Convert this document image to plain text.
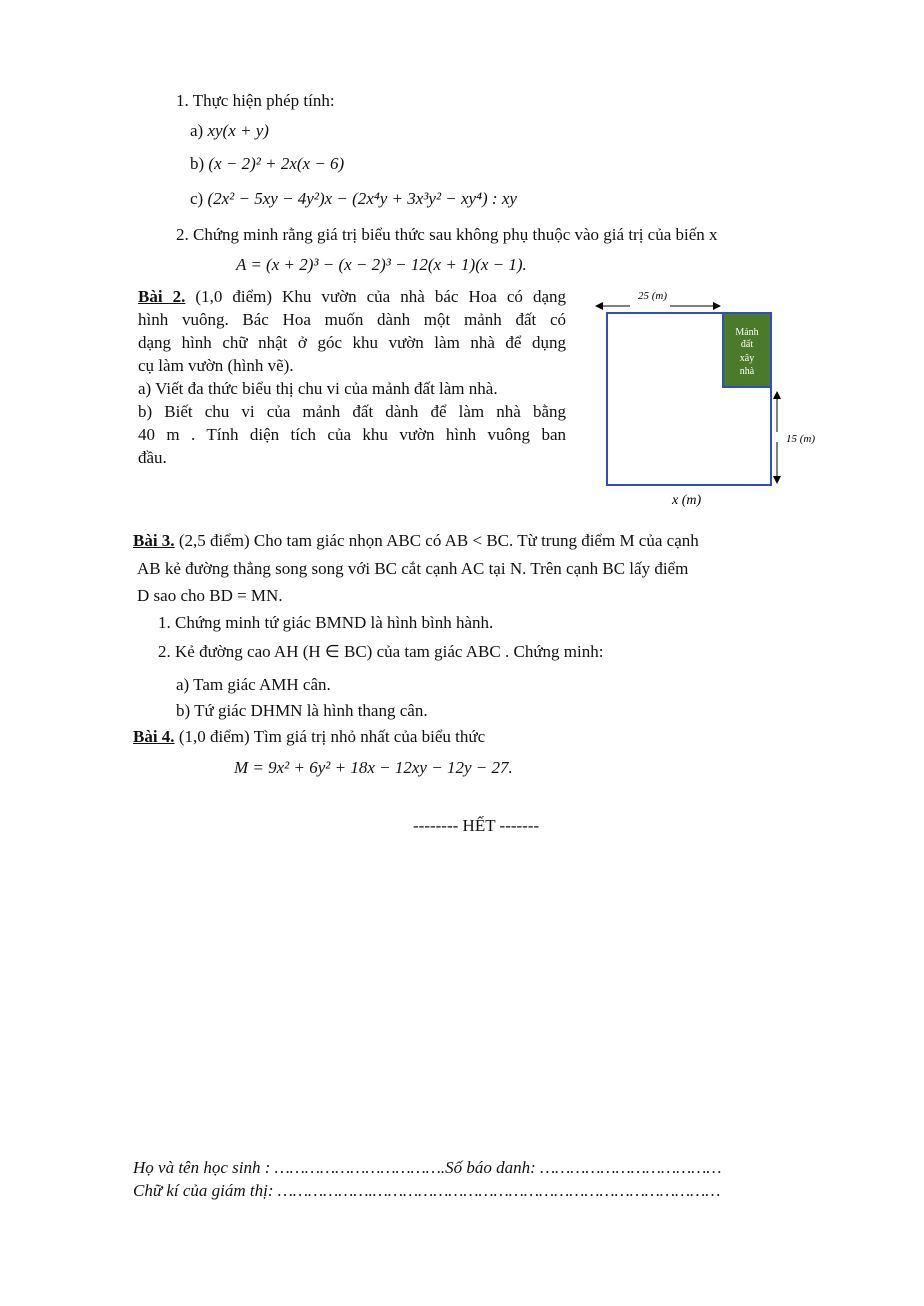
1. Thực hiện phép tính:
a) xy(x + y)
b) (x − 2)² + 2x(x − 6)
c) (2x² − 5xy − 4y²)x − (2x⁴y + 3x³y² − xy⁴) : xy
2. Chứng minh rằng giá trị biểu thức sau không phụ thuộc vào giá trị của biến x
A = (x + 2)³ − (x − 2)³ − 12(x + 1)(x − 1).
Bài 2. (1,0 điểm) Khu vườn của nhà bác Hoa có dạng
hình vuông. Bác Hoa muốn dành một mảnh đất có
dạng hình chữ nhật ở góc khu vườn làm nhà để dụng
cụ làm vườn (hình vẽ).
a) Viết đa thức biểu thị chu vi của mảnh đất làm nhà.
b) Biết chu vi của mảnh đất dành để làm nhà bằng
40 m . Tính diện tích của khu vườn hình vuông ban
đầu.
25 (m)
Mảnh
đất
xây
nhà
15 (m)
x (m)
Bài 3. (2,5 điểm) Cho tam giác nhọn ABC có AB < BC. Từ trung điểm M của cạnh
AB kẻ đường thẳng song song với BC cắt cạnh AC tại N. Trên cạnh BC lấy điểm
D sao cho BD = MN.
1. Chứng minh tứ giác BMND là hình bình hành.
2. Kẻ đường cao AH (H ∈ BC) của tam giác ABC . Chứng minh:
a) Tam giác AMH cân.
b) Tứ giác DHMN là hình thang cân.
Bài 4. (1,0 điểm) Tìm giá trị nhỏ nhất của biểu thức
M = 9x² + 6y² + 18x − 12xy − 12y − 27.
-------- HẾT -------
Họ và tên học sinh : …………………………….Số báo danh: ………………………………
Chữ kí của giám thị: ……………….……………………………………………………………
